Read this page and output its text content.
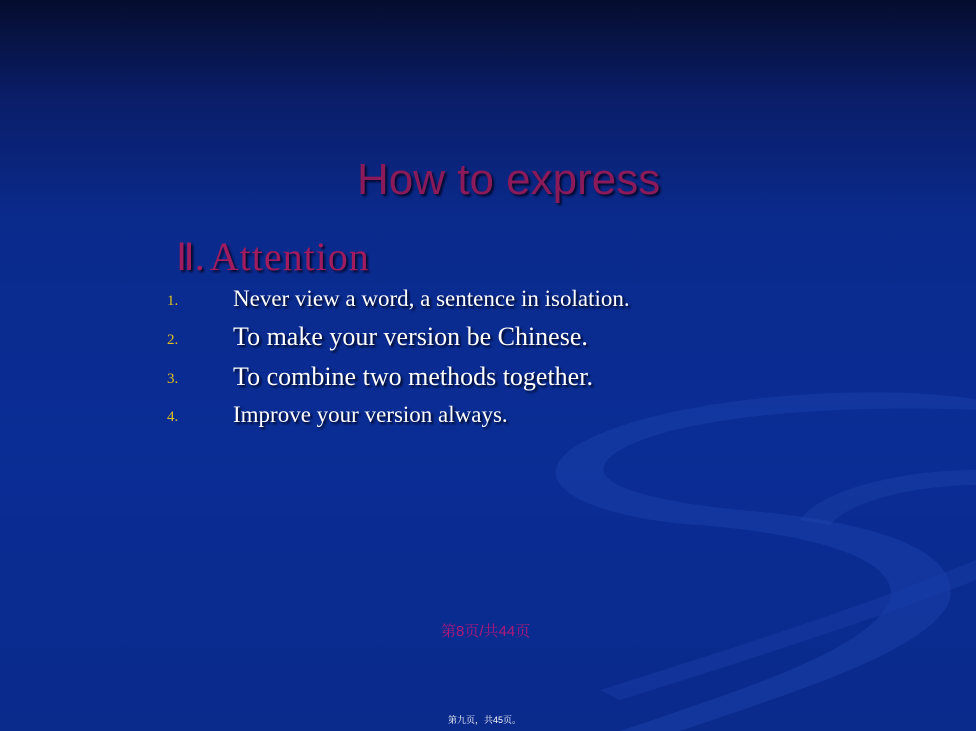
How to express
Ⅱ. Attention
1. Never view a word, a sentence in isolation.
2. To make your version be Chinese.
3. To combine two methods together.
4. Improve your version always.
第8页/共44页
第九页，共45页。
